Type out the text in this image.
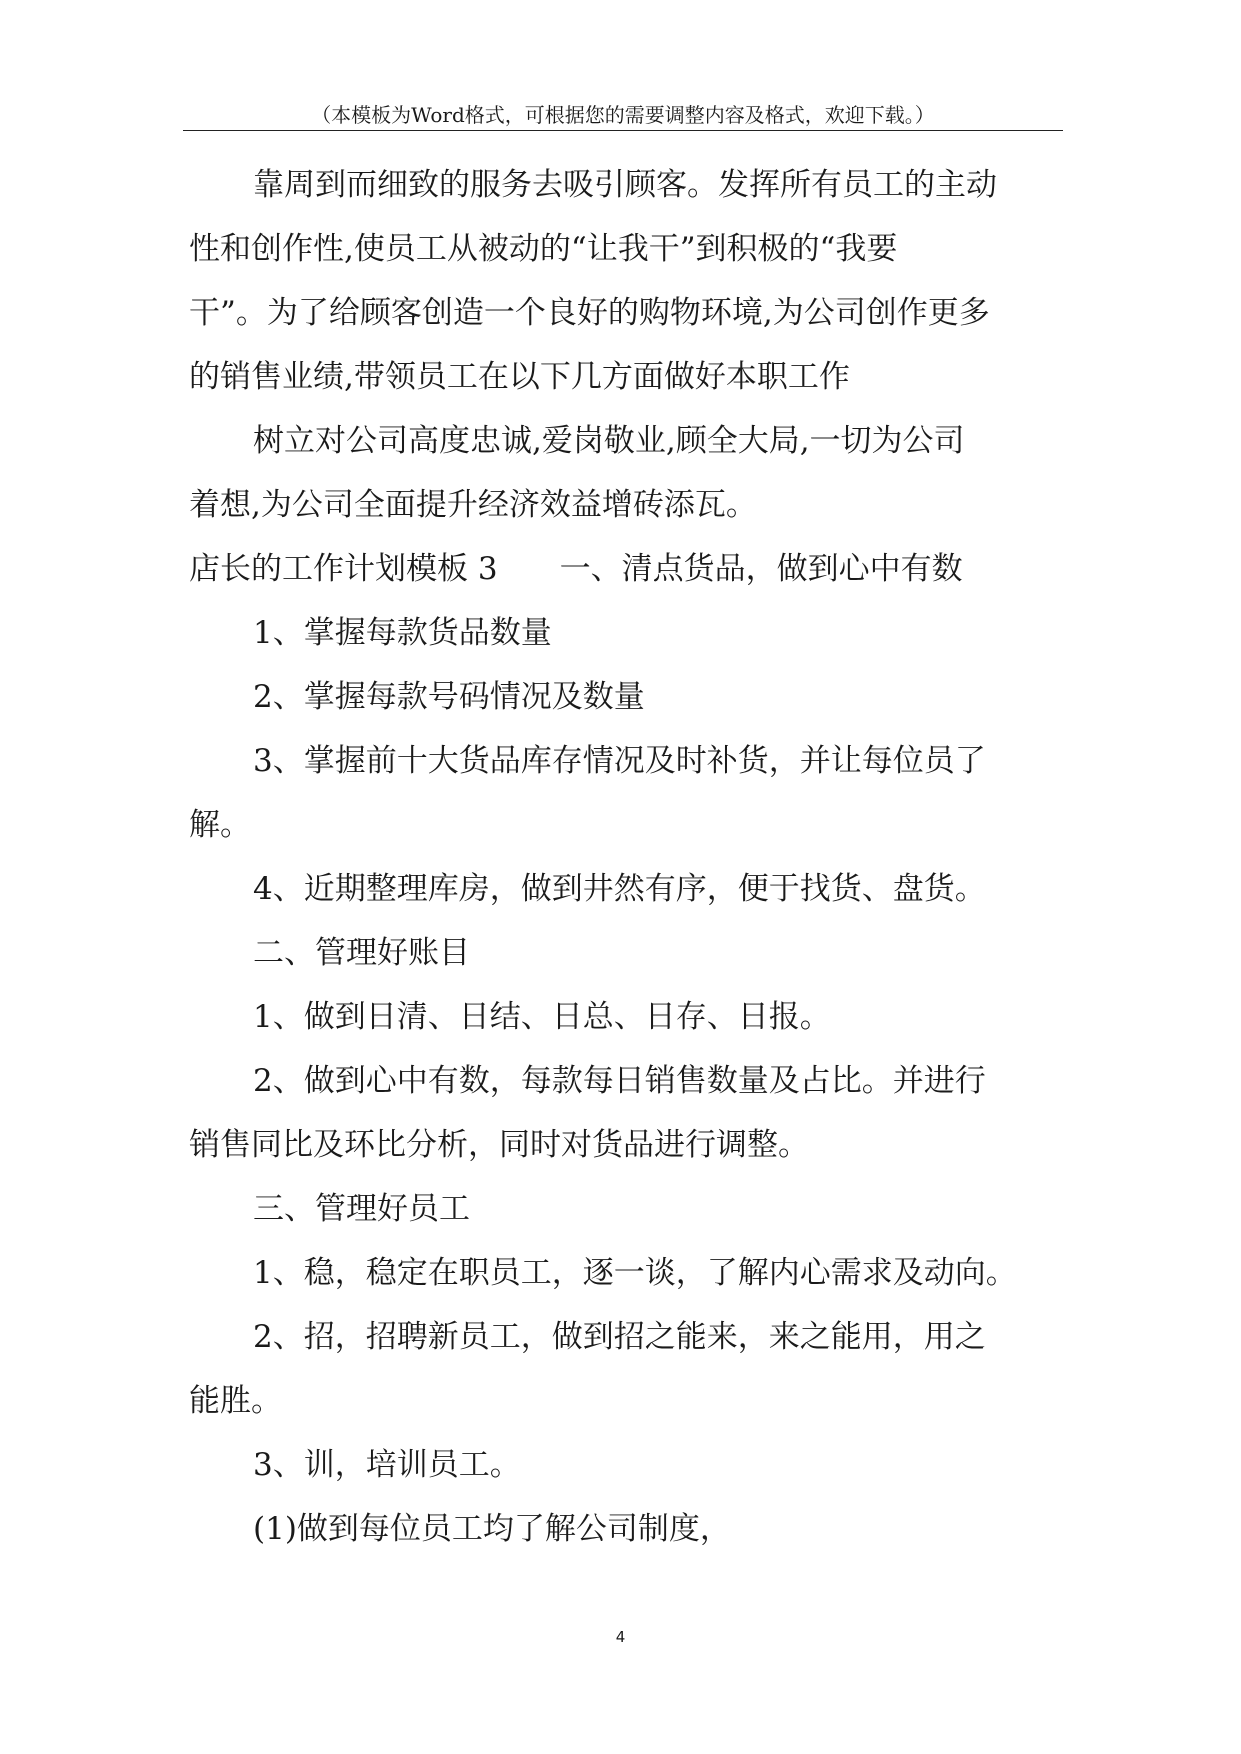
（本模板为Word格式，可根据您的需要调整内容及格式，欢迎下载。）

靠周到而细致的服务去吸引顾客。发挥所有员工的主动

性和创作性,使员工从被动的“让我干”到积极的“我要

干”。为了给顾客创造一个良好的购物环境,为公司创作更多

的销售业绩,带领员工在以下几方面做好本职工作

树立对公司高度忠诚,爱岗敬业,顾全大局,一切为公司

着想,为公司全面提升经济效益增砖添瓦。

店长的工作计划模板 3　　一、清点货品，做到心中有数

1、掌握每款货品数量

2、掌握每款号码情况及数量

3、掌握前十大货品库存情况及时补货，并让每位员了

解。

4、近期整理库房，做到井然有序，便于找货、盘货。

二、管理好账目

1、做到日清、日结、日总、日存、日报。

2、做到心中有数，每款每日销售数量及占比。并进行

销售同比及环比分析，同时对货品进行调整。

三、管理好员工

1、稳，稳定在职员工，逐一谈，了解内心需求及动向。

2、招，招聘新员工，做到招之能来，来之能用，用之

能胜。

3、训，培训员工。

(1)做到每位员工均了解公司制度，

4
